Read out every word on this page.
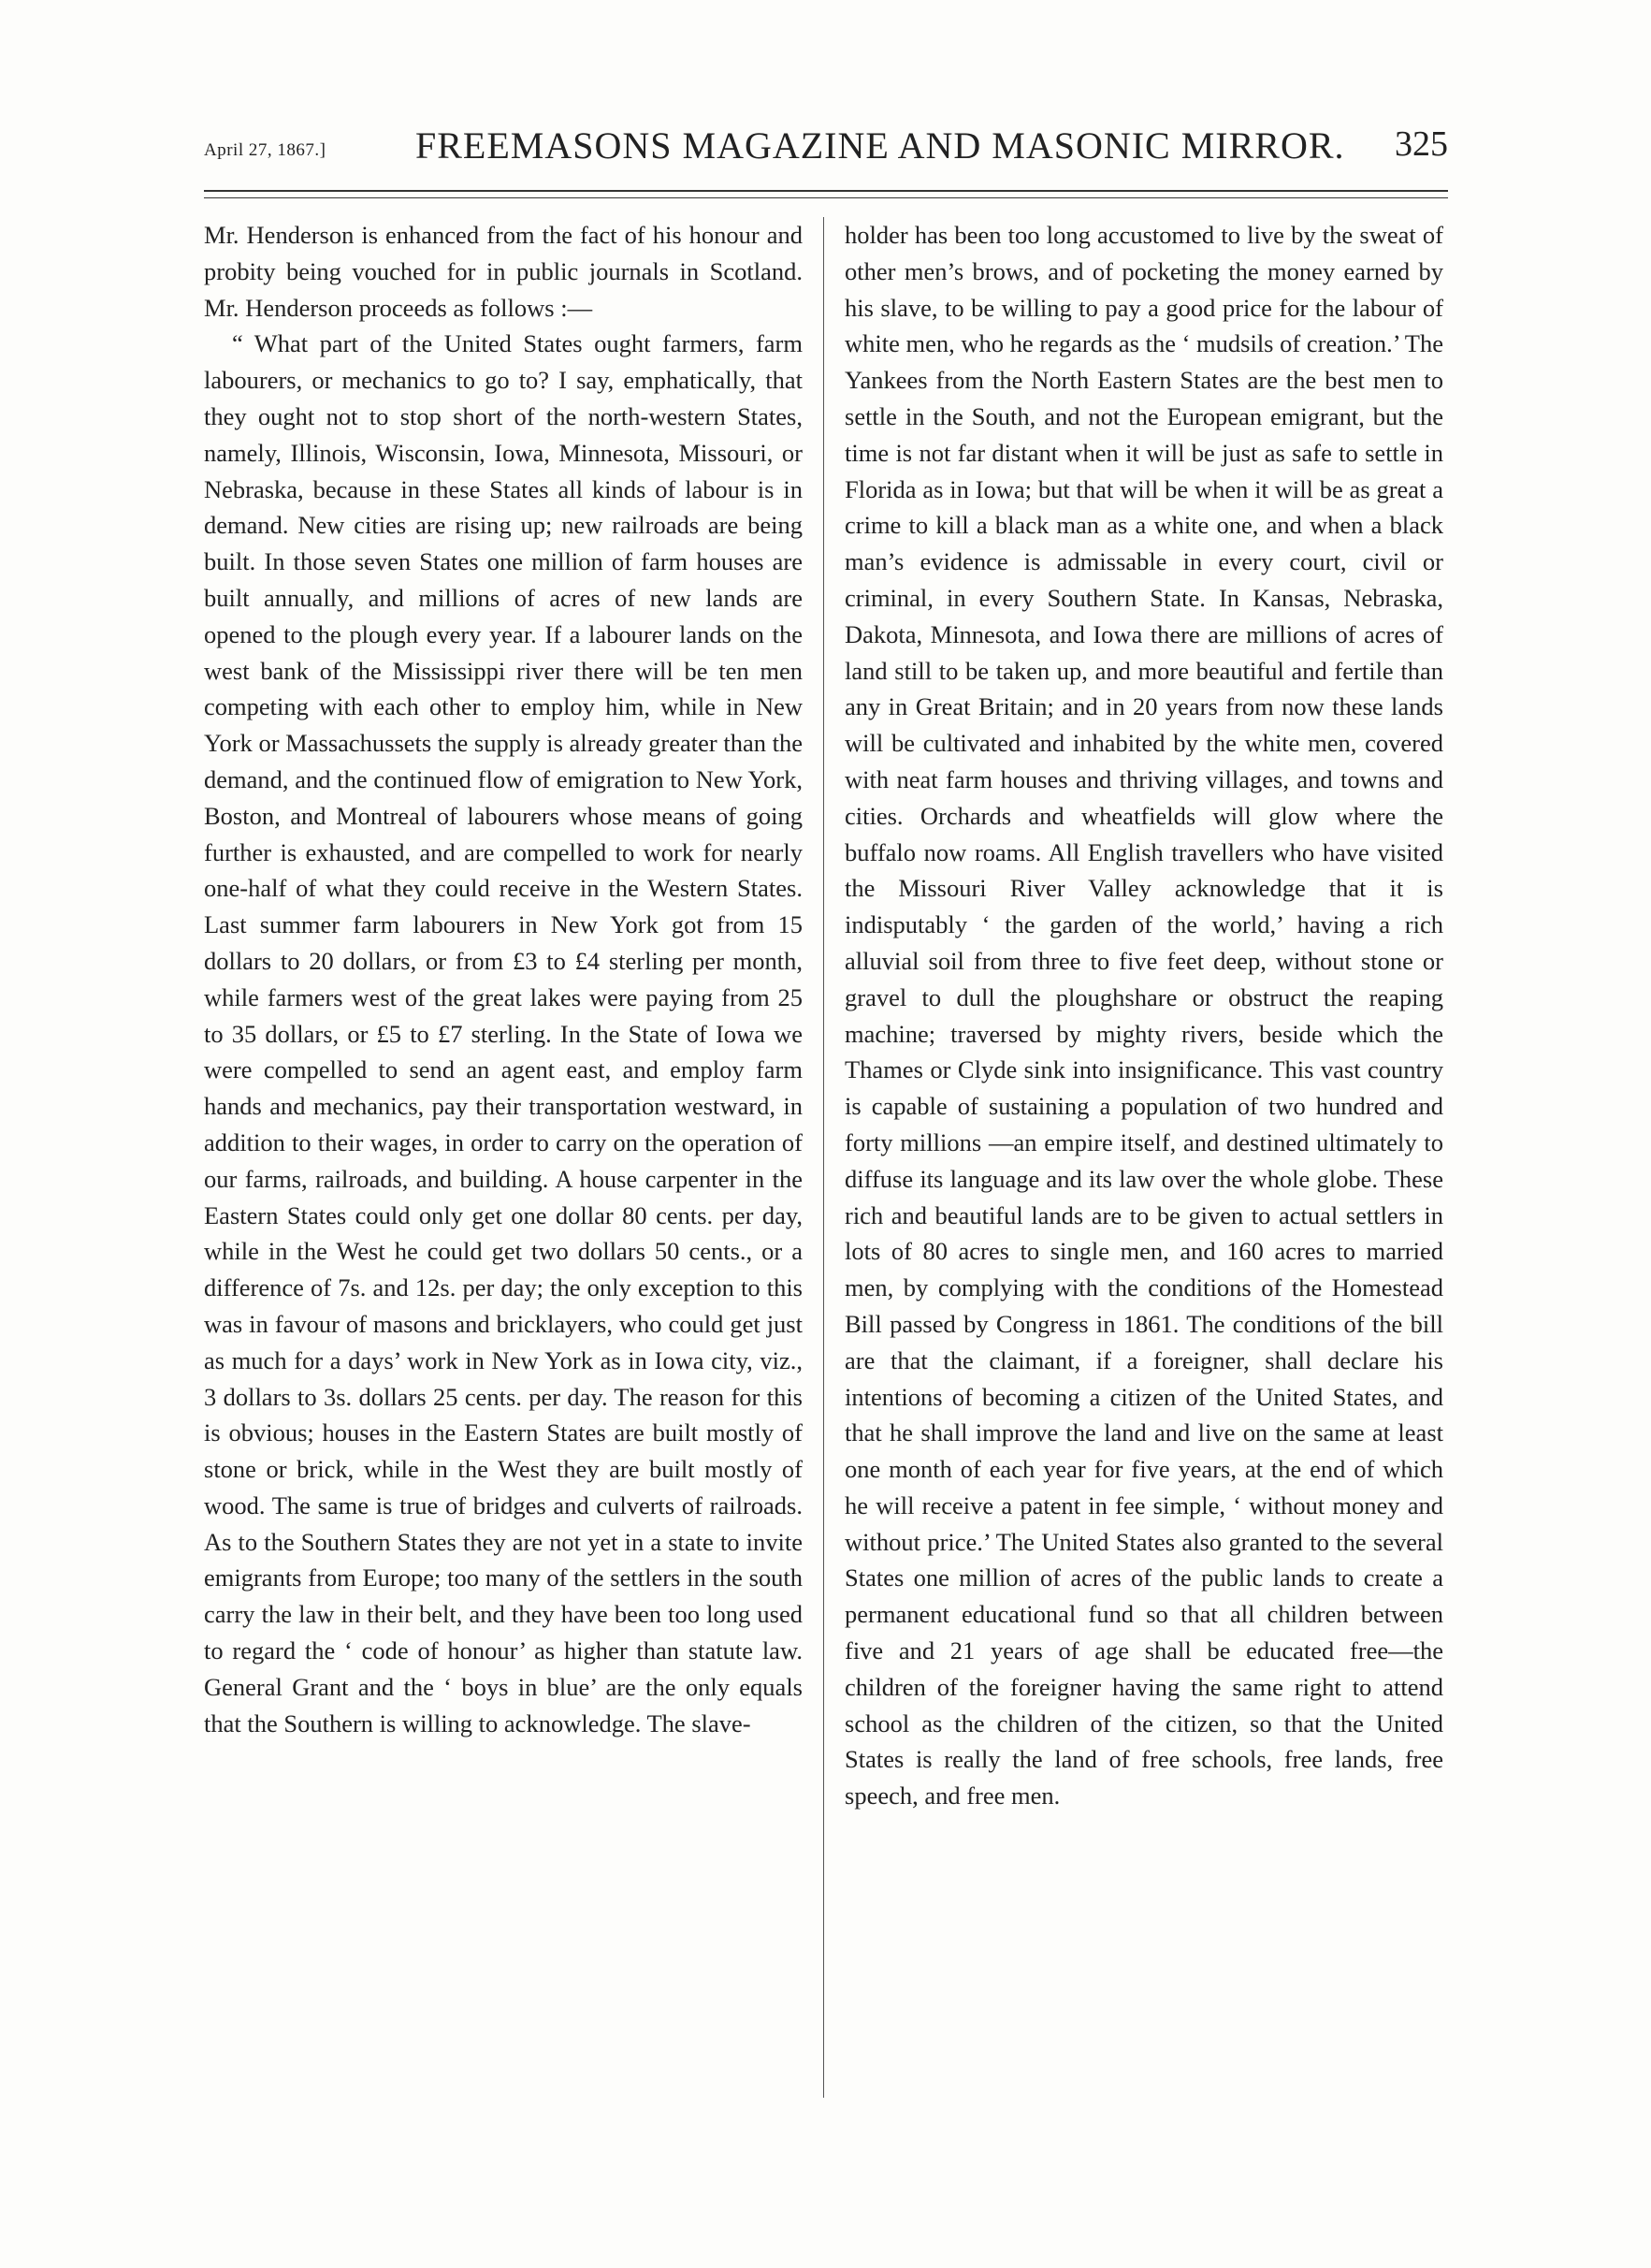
April 27, 1867.] FREEMASONS MAGAZINE AND MASONIC MIRROR. 325

Mr. Henderson is enhanced from the fact of his honour and probity being vouched for in public journals in Scotland. Mr. Henderson proceeds as follows :—

“ What part of the United States ought farmers, farm labourers, or mechanics to go to? I say, emphatically, that they ought not to stop short of the north-western States, namely, Illinois, Wisconsin, Iowa, Minnesota, Missouri, or Nebraska, because in these States all kinds of labour is in demand. New cities are rising up; new railroads are being built. In those seven States one million of farm houses are built annually, and millions of acres of new lands are opened to the plough every year. If a labourer lands on the west bank of the Mississippi river there will be ten men competing with each other to employ him, while in New York or Massachussets the supply is already greater than the demand, and the continued flow of emigration to New York, Boston, and Montreal of labourers whose means of going further is exhausted, and are compelled to work for nearly one-half of what they could receive in the Western States. Last summer farm labourers in New York got from 15 dollars to 20 dollars, or from £3 to £4 sterling per month, while farmers west of the great lakes were paying from 25 to 35 dollars, or £5 to £7 sterling. In the State of Iowa we were compelled to send an agent east, and employ farm hands and mechanics, pay their transportation westward, in addition to their wages, in order to carry on the operation of our farms, railroads, and building. A house carpenter in the Eastern States could only get one dollar 80 cents. per day, while in the West he could get two dollars 50 cents., or a difference of 7s. and 12s. per day; the only exception to this was in favour of masons and bricklayers, who could get just as much for a days’ work in New York as in Iowa city, viz., 3 dollars to 3s. dollars 25 cents. per day. The reason for this is obvious; houses in the Eastern States are built mostly of stone or brick, while in the West they are built mostly of wood. The same is true of bridges and culverts of railroads. As to the Southern States they are not yet in a state to invite emigrants from Europe; too many of the settlers in the south carry the law in their belt, and they have been too long used to regard the ‘ code of honour’ as higher than statute law. General Grant and the ‘ boys in blue’ are the only equals that the Southern is willing to acknowledge. The slave-

holder has been too long accustomed to live by the sweat of other men’s brows, and of pocketing the money earned by his slave, to be willing to pay a good price for the labour of white men, who he regards as the ‘ mudsils of creation.’ The Yankees from the North Eastern States are the best men to settle in the South, and not the European emigrant, but the time is not far distant when it will be just as safe to settle in Florida as in Iowa; but that will be when it will be as great a crime to kill a black man as a white one, and when a black man’s evidence is admissable in every court, civil or criminal, in every Southern State. In Kansas, Nebraska, Dakota, Minnesota, and Iowa there are millions of acres of land still to be taken up, and more beautiful and fertile than any in Great Britain; and in 20 years from now these lands will be cultivated and inhabited by the white men, covered with neat farm houses and thriving villages, and towns and cities. Orchards and wheatfields will glow where the buffalo now roams. All English travellers who have visited the Missouri River Valley acknowledge that it is indisputably ‘ the garden of the world,’ having a rich alluvial soil from three to five feet deep, without stone or gravel to dull the ploughshare or obstruct the reaping machine; traversed by mighty rivers, beside which the Thames or Clyde sink into insignificance. This vast country is capable of sustaining a population of two hundred and forty millions —an empire itself, and destined ultimately to diffuse its language and its law over the whole globe. These rich and beautiful lands are to be given to actual settlers in lots of 80 acres to single men, and 160 acres to married men, by complying with the conditions of the Homestead Bill passed by Congress in 1861. The conditions of the bill are that the claimant, if a foreigner, shall declare his intentions of becoming a citizen of the United States, and that he shall improve the land and live on the same at least one month of each year for five years, at the end of which he will receive a patent in fee simple, ‘ without money and without price.’ The United States also granted to the several States one million of acres of the public lands to create a permanent educational fund so that all children between five and 21 years of age shall be educated free—the children of the foreigner having the same right to attend school as the children of the citizen, so that the United States is really the land of free schools, free lands, free speech, and free men.
